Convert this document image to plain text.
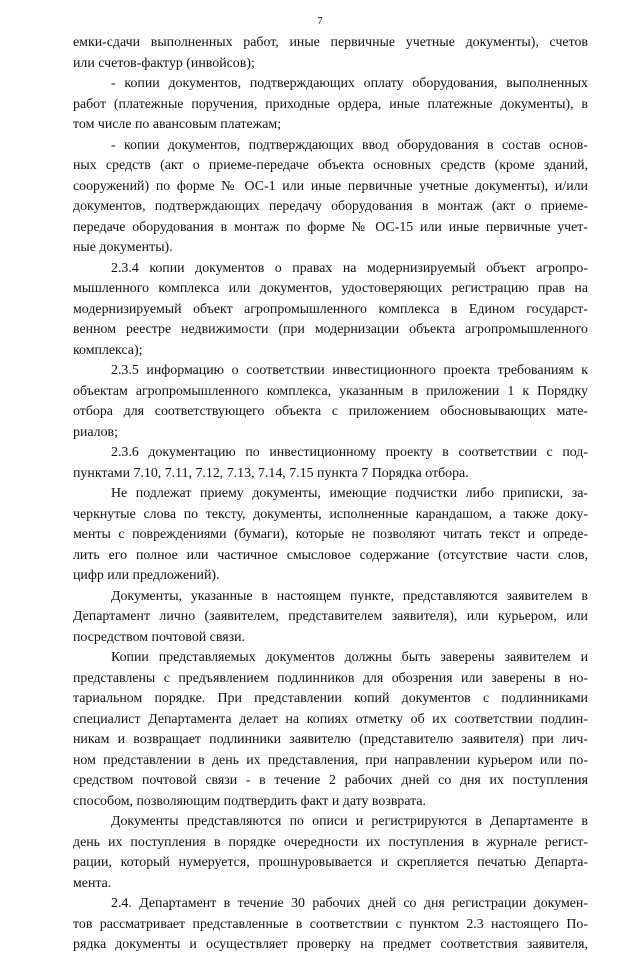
7
емки-сдачи выполненных работ, иные первичные учетные документы), счетов
или счетов-фактур (инвойсов);
- копии документов, подтверждающих оплату оборудования, выполненных
работ (платежные поручения, приходные ордера, иные платежные документы), в
том числе по авансовым платежам;
- копии документов, подтверждающих ввод оборудования в состав основ-
ных средств (акт о приеме-передаче объекта основных средств (кроме зданий,
сооружений) по форме № ОС-1 или иные первичные учетные документы), и/или
документов, подтверждающих передачу оборудования в монтаж (акт о приеме-
передаче оборудования в монтаж по форме № ОС-15 или иные первичные учет-
ные документы).
2.3.4 копии документов о правах на модернизируемый объект агропро-
мышленного комплекса или документов, удостоверяющих регистрацию прав на
модернизируемый объект агропромышленного комплекса в Едином государст-
венном реестре недвижимости (при модернизации объекта агропромышленного
комплекса);
2.3.5 информацию о соответствии инвестиционного проекта требованиям к
объектам агропромышленного комплекса, указанным в приложении 1 к Порядку
отбора для соответствующего объекта с приложением обосновывающих мате-
риалов;
2.3.6 документацию по инвестиционному проекту в соответствии с под-
пунктами 7.10, 7.11, 7.12, 7.13, 7.14, 7.15 пункта 7 Порядка отбора.
Не подлежат приему документы, имеющие подчистки либо приписки, за-
черкнутые слова по тексту, документы, исполненные карандашом, а также доку-
менты с повреждениями (бумаги), которые не позволяют читать текст и опреде-
лить его полное или частичное смысловое содержание (отсутствие части слов,
цифр или предложений).
Документы, указанные в настоящем пункте, представляются заявителем в
Департамент лично (заявителем, представителем заявителя), или курьером, или
посредством почтовой связи.
Копии представляемых документов должны быть заверены заявителем и
представлены с предъявлением подлинников для обозрения или заверены в но-
тариальном порядке. При представлении копий документов с подлинниками
специалист Департамента делает на копиях отметку об их соответствии подлин-
никам и возвращает подлинники заявителю (представителю заявителя) при лич-
ном представлении в день их представления, при направлении курьером или по-
средством почтовой связи - в течение 2 рабочих дней со дня их поступления
способом, позволяющим подтвердить факт и дату возврата.
Документы представляются по описи и регистрируются в Департаменте в
день их поступления в порядке очередности их поступления в журнале регист-
рации, который нумеруется, прошнуровывается и скрепляется печатью Департа-
мента.
2.4. Департамент в течение 30 рабочих дней со дня регистрации докумен-
тов рассматривает представленные в соответствии с пунктом 2.3 настоящего По-
рядка документы и осуществляет проверку на предмет соответствия заявителя,
